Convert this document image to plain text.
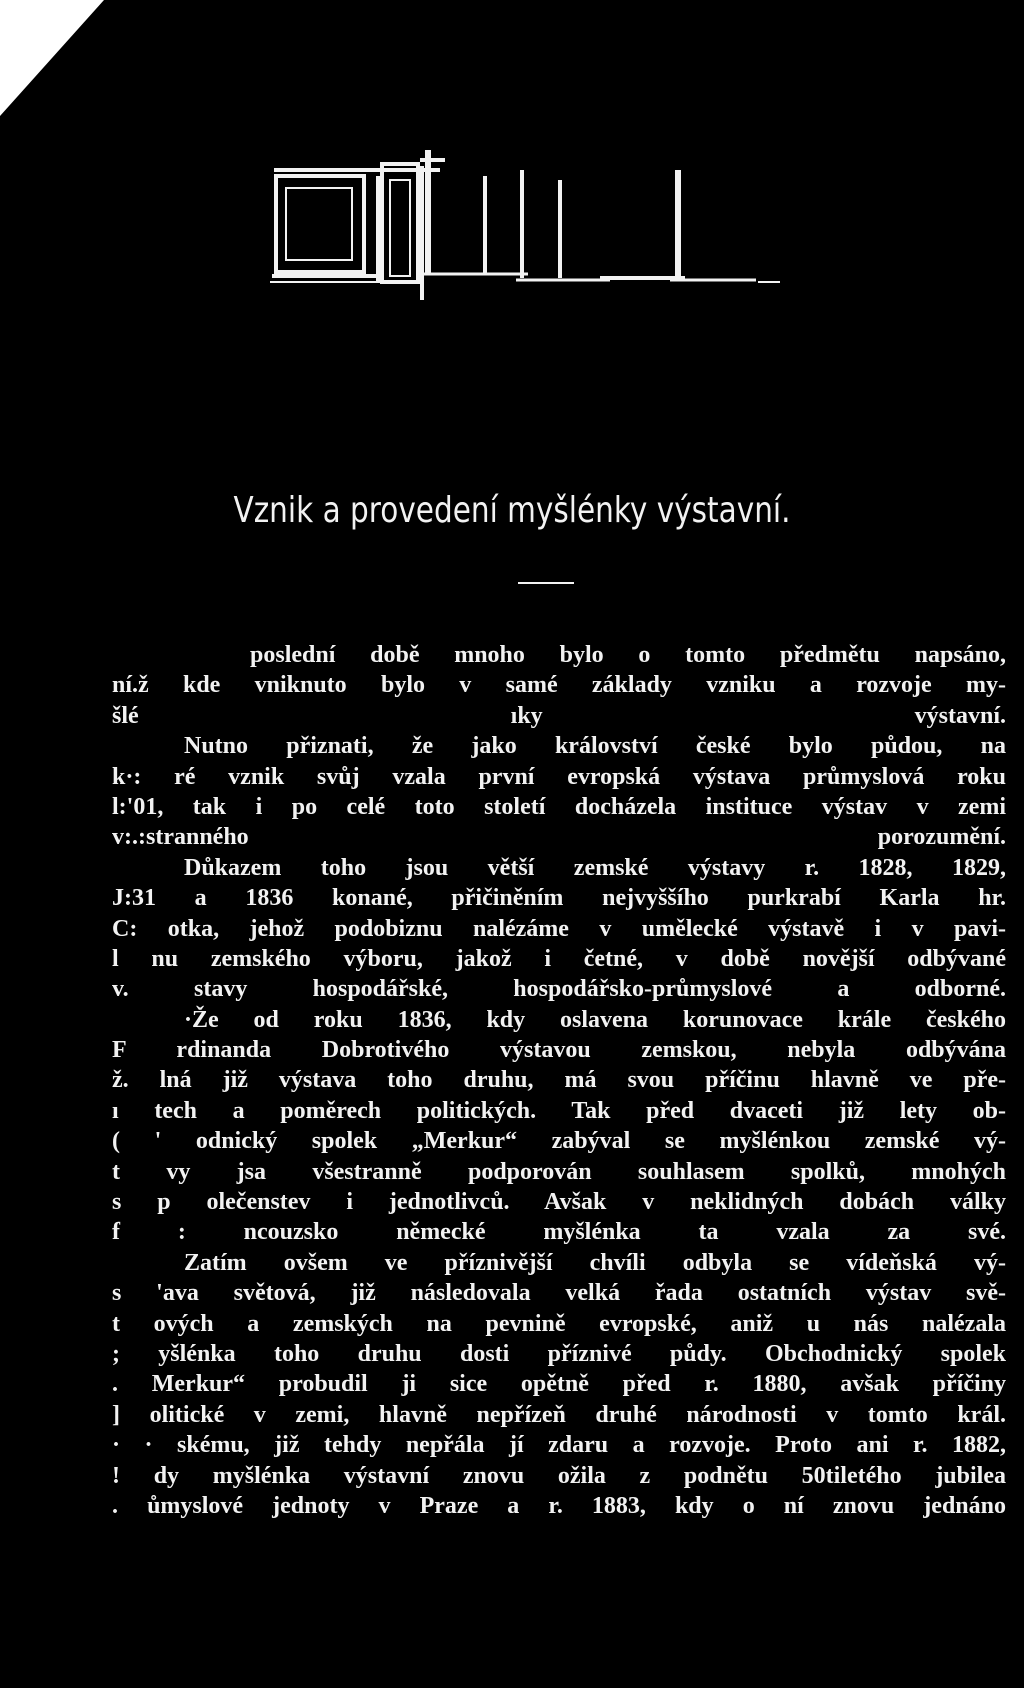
Vznik a provedení myšlénky výstavní.
poslední době mnoho bylo o tomto předmětu napsáno,
ní.ž kde vniknuto bylo v samé základy vzniku a rozvoje my-
šlé ıky výstavní.
Nutno přiznati, že jako království české bylo půdou, na
k·: ré vznik svůj vzala první evropská výstava průmyslová roku
l:'01, tak i po celé toto století docházela instituce výstav v zemi
v:.:stranného porozumění.
Důkazem toho jsou větší zemské výstavy r. 1828, 1829,
J:31 a 1836 konané, přičiněním nejvyššího purkrabí Karla hr.
C: otka, jehož podobiznu nalézáme v umělecké výstavě i v pavi-
l nu zemského výboru, jakož i četné, v době novější odbývané
v. stavy hospodářské, hospodářsko-průmyslové a odborné.
·Že od roku 1836, kdy oslavena korunovace krále českého
F rdinanda Dobrotivého výstavou zemskou, nebyla odbývána
ž. lná již výstava toho druhu, má svou příčinu hlavně ve pře-
ı tech a poměrech politických. Tak před dvaceti již lety ob-
( ' odnický spolek „Merkur“ zabýval se myšlénkou zemské vý-
t vy jsa všestranně podporován souhlasem spolků, mnohých
s p olečenstev i jednotlivců. Avšak v neklidných dobách války
f : ncouzsko německé myšlénka ta vzala za své.
Zatím ovšem ve příznivější chvíli odbyla se vídeňská vý-
s 'ava světová, již následovala velká řada ostatních výstav svě-
t ových a zemských na pevnině evropské, aniž u nás nalézala
; yšlénka toho druhu dosti příznivé půdy. Obchodnický spolek
. Merkur“ probudil ji sice opětně před r. 1880, avšak příčiny
] olitické v zemi, hlavně nepřízeň druhé národnosti v tomto král.
· · skému, již tehdy nepřála jí zdaru a rozvoje. Proto ani r. 1882,
! dy myšlénka výstavní znovu ožila z podnětu 50tiletého jubilea
. ůmyslové jednoty v Praze a r. 1883, kdy o ní znovu jednáno
